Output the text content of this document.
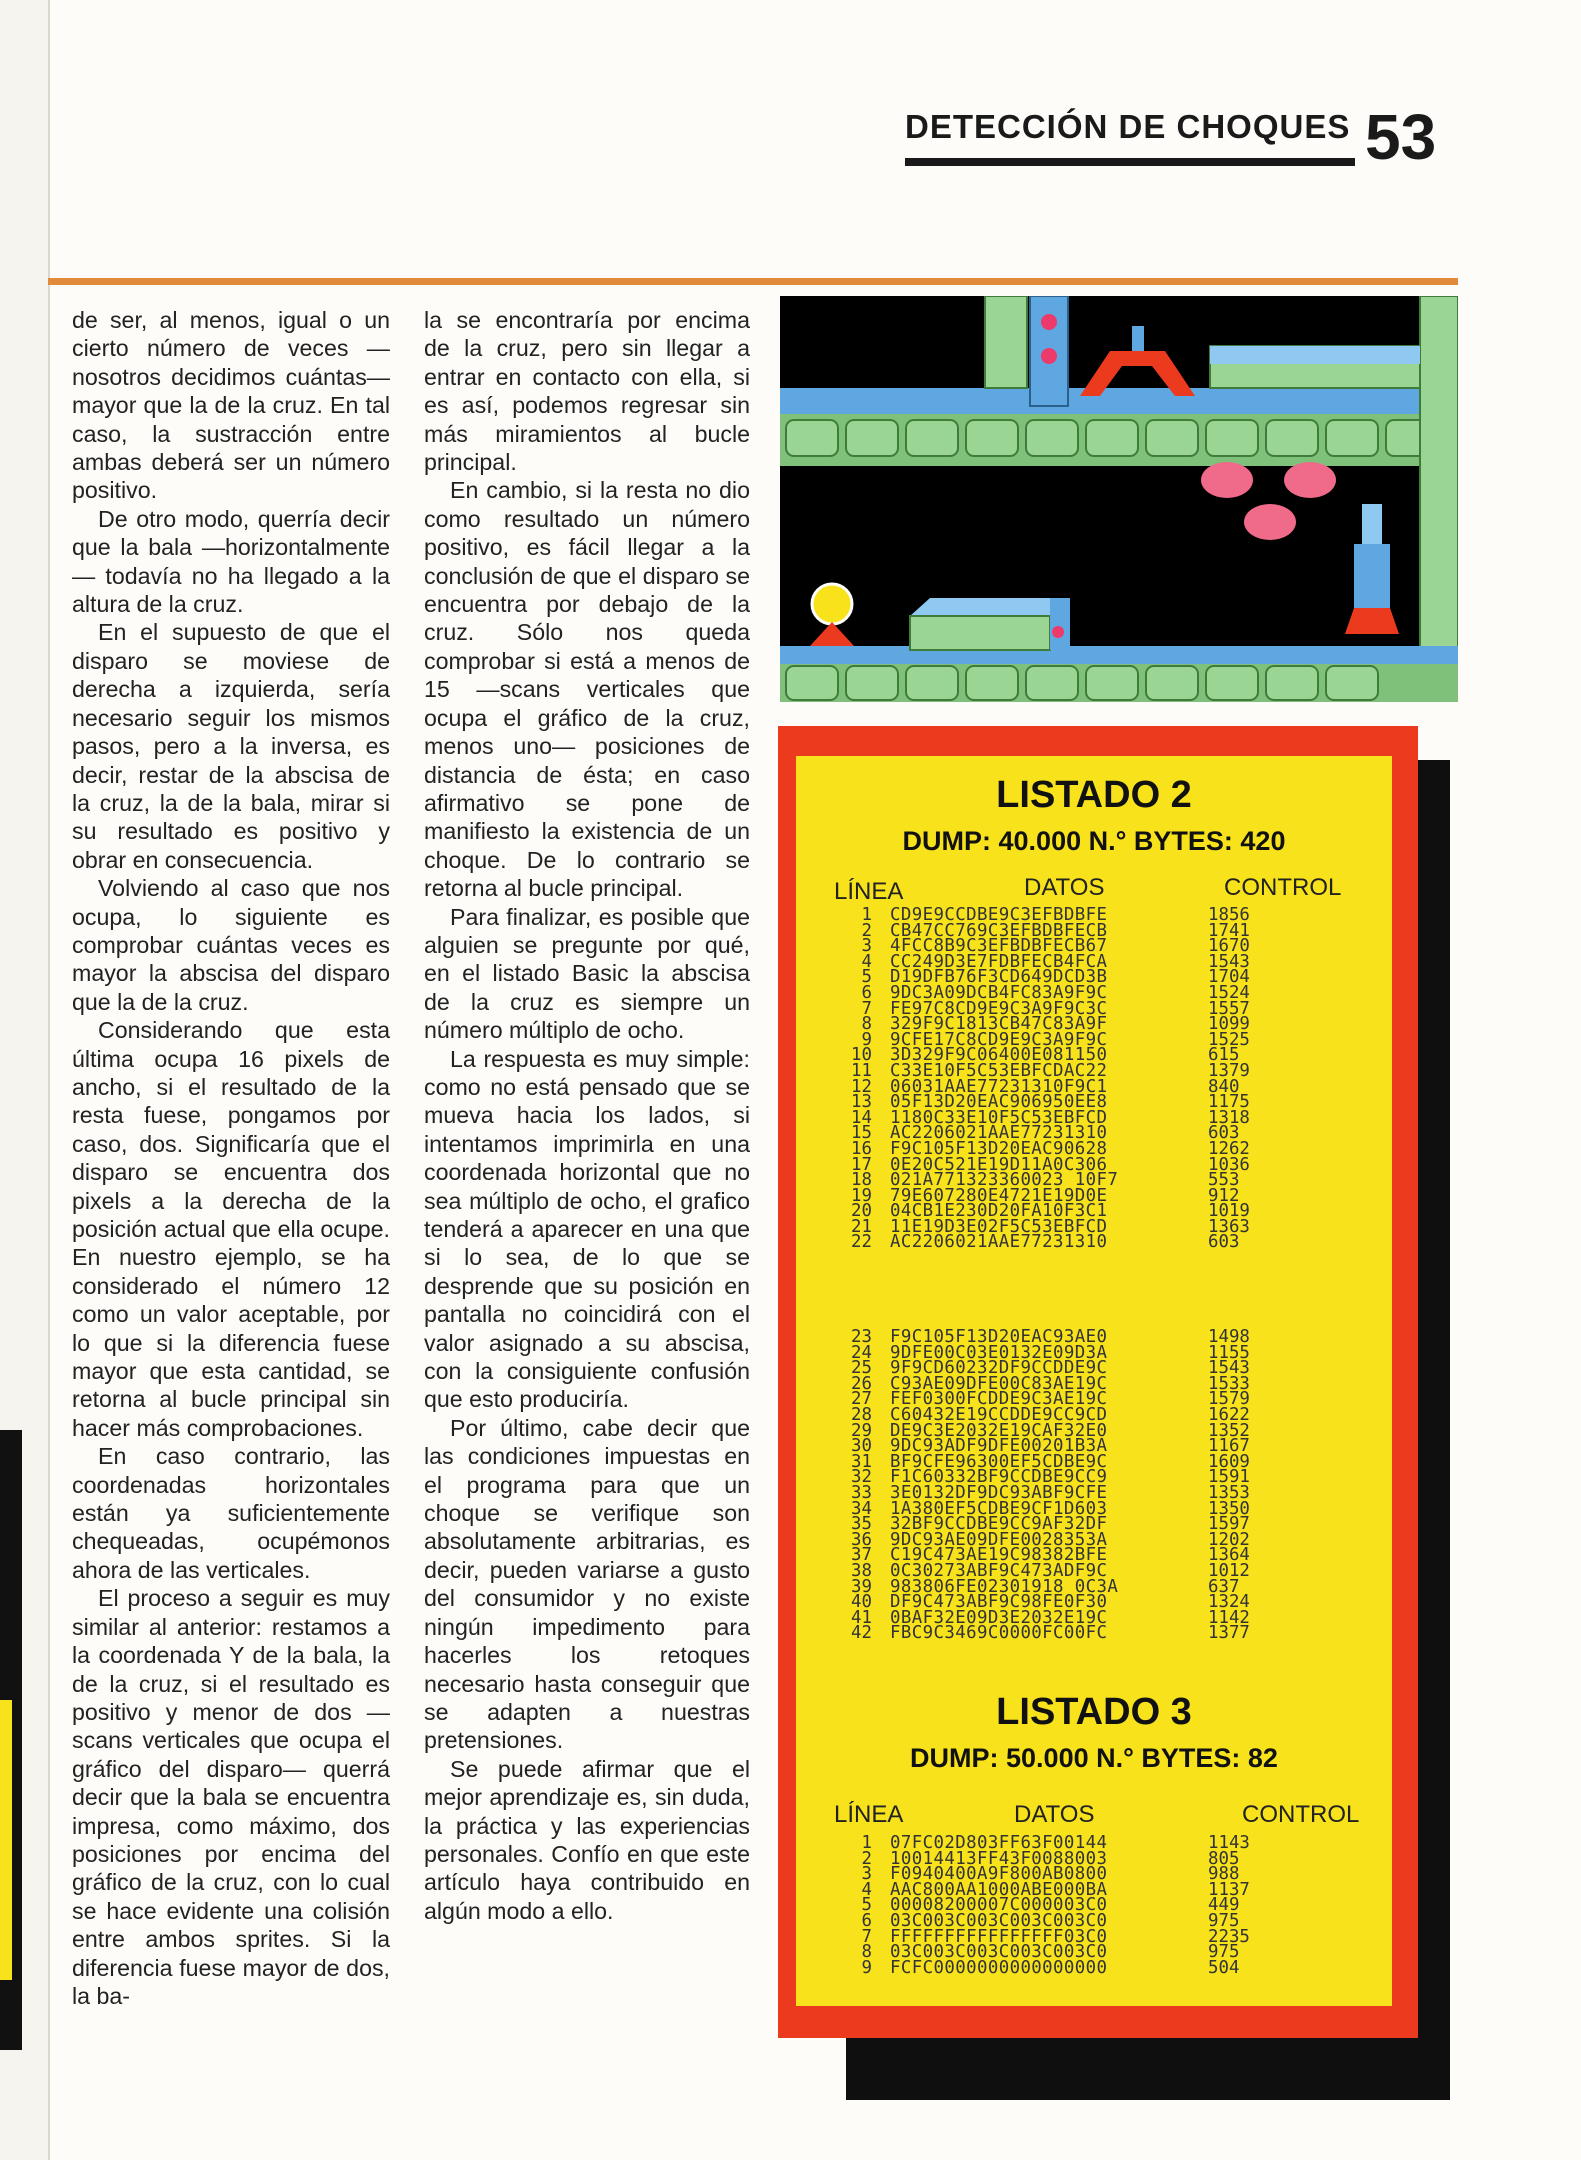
DETECCIÓN DE CHOQUES 53

de ser, al menos, igual o un cierto número de veces —nosotros decidimos cuántas— mayor que la de la cruz. En tal caso, la sustracción entre ambas deberá ser un número positivo.

De otro modo, querría decir que la bala —horizontalmente— todavía no ha llegado a la altura de la cruz.

En el supuesto de que el disparo se moviese de derecha a izquierda, sería necesario seguir los mismos pasos, pero a la inversa, es decir, restar de la abscisa de la cruz, la de la bala, mirar si su resultado es positivo y obrar en consecuencia.

Volviendo al caso que nos ocupa, lo siguiente es comprobar cuántas veces es mayor la abscisa del disparo que la de la cruz.

Considerando que esta última ocupa 16 pixels de ancho, si el resultado de la resta fuese, pongamos por caso, dos. Significaría que el disparo se encuentra dos pixels a la derecha de la posición actual que ella ocupe. En nuestro ejemplo, se ha considerado el número 12 como un valor aceptable, por lo que si la diferencia fuese mayor que esta cantidad, se retorna al bucle principal sin hacer más comprobaciones.

En caso contrario, las coordenadas horizontales están ya suficientemente chequeadas, ocupémonos ahora de las verticales.

El proceso a seguir es muy similar al anterior: restamos a la coordenada Y de la bala, la de la cruz, si el resultado es positivo y menor de dos —scans verticales que ocupa el gráfico del disparo— querrá decir que la bala se encuentra impresa, como máximo, dos posiciones por encima del gráfico de la cruz, con lo cual se hace evidente una colisión entre ambos sprites. Si la diferencia fuese mayor de dos, la ba-

la se encontraría por encima de la cruz, pero sin llegar a entrar en contacto con ella, si es así, podemos regresar sin más miramientos al bucle principal.

En cambio, si la resta no dio como resultado un número positivo, es fácil llegar a la conclusión de que el disparo se encuentra por debajo de la cruz. Sólo nos queda comprobar si está a menos de 15 —scans verticales que ocupa el gráfico de la cruz, menos uno— posiciones de distancia de ésta; en caso afirmativo se pone de manifiesto la existencia de un choque. De lo contrario se retorna al bucle principal.

Para finalizar, es posible que alguien se pregunte por qué, en el listado Basic la abscisa de la cruz es siempre un número múltiplo de ocho.

La respuesta es muy simple: como no está pensado que se mueva hacia los lados, si intentamos imprimirla en una coordenada horizontal que no sea múltiplo de ocho, el grafico tenderá a aparecer en una que si lo sea, de lo que se desprende que su posición en pantalla no coincidirá con el valor asignado a su abscisa, con la consiguiente confusión que esto produciría.

Por último, cabe decir que las condiciones impuestas en el programa para que un choque se verifique son absolutamente arbitrarias, es decir, pueden variarse a gusto del consumidor y no existe ningún impedimento para hacerles los retoques necesario hasta conseguir que se adapten a nuestras pretensiones.

Se puede afirmar que el mejor aprendizaje es, sin duda, la práctica y las experiencias personales. Confío en que este artículo haya contribuido en algún modo a ello.

LISTADO 2
DUMP: 40.000 N.° BYTES: 420
LÍNEA	DATOS	CONTROL
1 CD9E9CCDBE9C3EFBDBFE	1856
2 CB47CC769C3EFBDBFECB	1741
3 4FCC8B9C3EFBDBFECB67	1670
4 CC249D3E7FDBFECB4FCA	1543
5 D19DFB76F3CD649DCD3B	1704
6 9DC3A09DCB4FC83A9F9C	1524
7 FE97C8CD9E9C3A9F9C3C	1557
8 329F9C1813CB47C83A9F	1099
9 9CFE17C8CD9E9C3A9F9C	1525
10 3D329F9C06400E081150	615
11 C33E10F5C53EBFCDAC22	1379
12 06031AAE77231310F9C1	840
13 05F13D20EAC906950EE8	1175
14 1180C33E10F5C53EBFCD	1318
15 AC2206021AAE77231310	603
16 F9C105F13D20EAC90628	1262
17 0E20C521E19D11A0C306	1036
18 021A771323360023 10F7	553
19 79E607280E4721E19D0E	912
20 04CB1E230D20FA10F3C1	1019
21 11E19D3E02F5C53EBFCD	1363
22 AC2206021AAE77231310	603
23 F9C105F13D20EAC93AE0	1498
24 9DFE00C03E0132E09D3A	1155
25 9F9CD60232DF9CCDDE9C	1543
26 C93AE09DFE00C83AE19C	1533
27 FEF0300FCDDE9C3AE19C	1579
28 C60432E19CCDDE9CC9CD	1622
29 DE9C3E2032E19CAF32E0	1352
30 9DC93ADF9DFE00201B3A	1167
31 BF9CFE96300EF5CDBE9C	1609
32 F1C60332BF9CCDBE9CC9	1591
33 3E0132DF9DC93ABF9CFE	1353
34 1A380EF5CDBE9CF1D603	1350
35 32BF9CCDBE9CC9AF32DF	1597
36 9DC93AE09DFE0028353A	1202
37 C19C473AE19C98382BFE	1364
38 0C30273ABF9C473ADF9C	1012
39 983806FE02301918 0C3A	637
40 DF9C473ABF9C98FE0F30	1324
41 0BAF32E09D3E2032E19C	1142
42 FBC9C3469C0000FC00FC	1377
LISTADO 3
DUMP: 50.000 N.° BYTES: 82
LÍNEA	DATOS	CONTROL
1 07FC02D803FF63F00144	1143
2 10014413FF43F0088003	805
3 F0940400A9F800AB0800	988
4 AAC800AA1000ABE000BA	1137
5 00008200007C000003C0	449
6 03C003C003C003C003C0	975
7 FFFFFFFFFFFFFFFF03C0	2235
8 03C003C003C003C003C0	975
9 FCFC0000000000000000	504
